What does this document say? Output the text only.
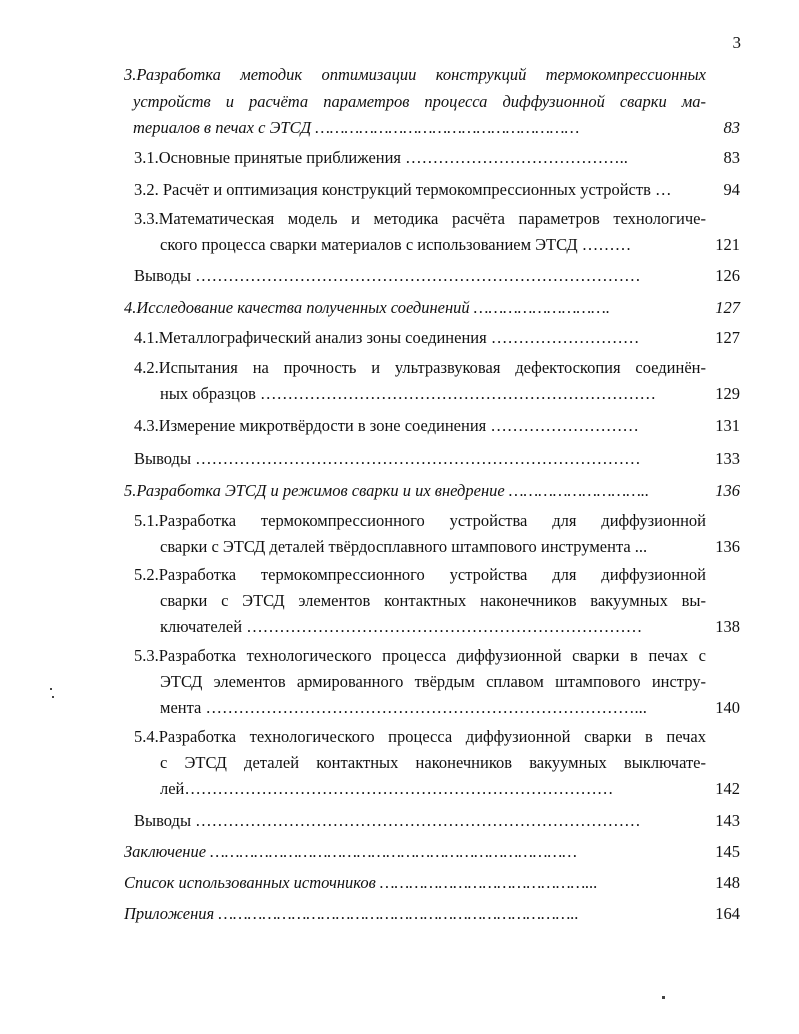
3
3.Разработка методик оптимизации конструкций термокомпрессионных
устройств и расчёта параметров процесса диффузионной сварки ма-
териалов в печах с ЭТСД ………………………………………………	83
3.1.Основные принятые приближения …………………………………..	83
3.2. Расчёт и оптимизация конструкций термокомпрессионных устройств …	94
3.3.Математическая модель и методика расчёта параметров технологиче-
ского процесса сварки материалов с использованием ЭТСД ………	121
Выводы ………………………………………………………………………	126
4.Исследование качества полученных соединений ……………………….	127
4.1.Металлографический анализ зоны соединения ………………………	127
4.2.Испытания на прочность и ультразвуковая дефектоскопия соединён-
ных образцов ………………………………………………………………	129
4.3.Измерение микротвёрдости в зоне соединения ………………………	131
Выводы ………………………………………………………………………	133
5.Разработка ЭТСД и режимов сварки и их внедрение ………………………..	136
5.1.Разработка термокомпрессионного устройства для диффузионной
сварки с ЭТСД деталей твёрдосплавного штампового инструмента ...	136
5.2.Разработка термокомпрессионного устройства для диффузионной
сварки с ЭТСД элементов контактных наконечников вакуумных вы-
ключателей ………………………………………………………………	138
5.3.Разработка технологического процесса диффузионной сварки в печах с
ЭТСД элементов армированного твёрдым сплавом штампового инстру-
мента ……………………………………………………………………...	140
5.4.Разработка технологического процесса диффузионной сварки в печах
с ЭТСД деталей контактных наконечников вакуумных выключате-
лей……………………………………………………………………	142
Выводы ………………………………………………………………………	143
Заключение …………………………………………………………………	145
Список использованных источников ……………………………………...	148
Приложения ………………………………………………………………..	164
